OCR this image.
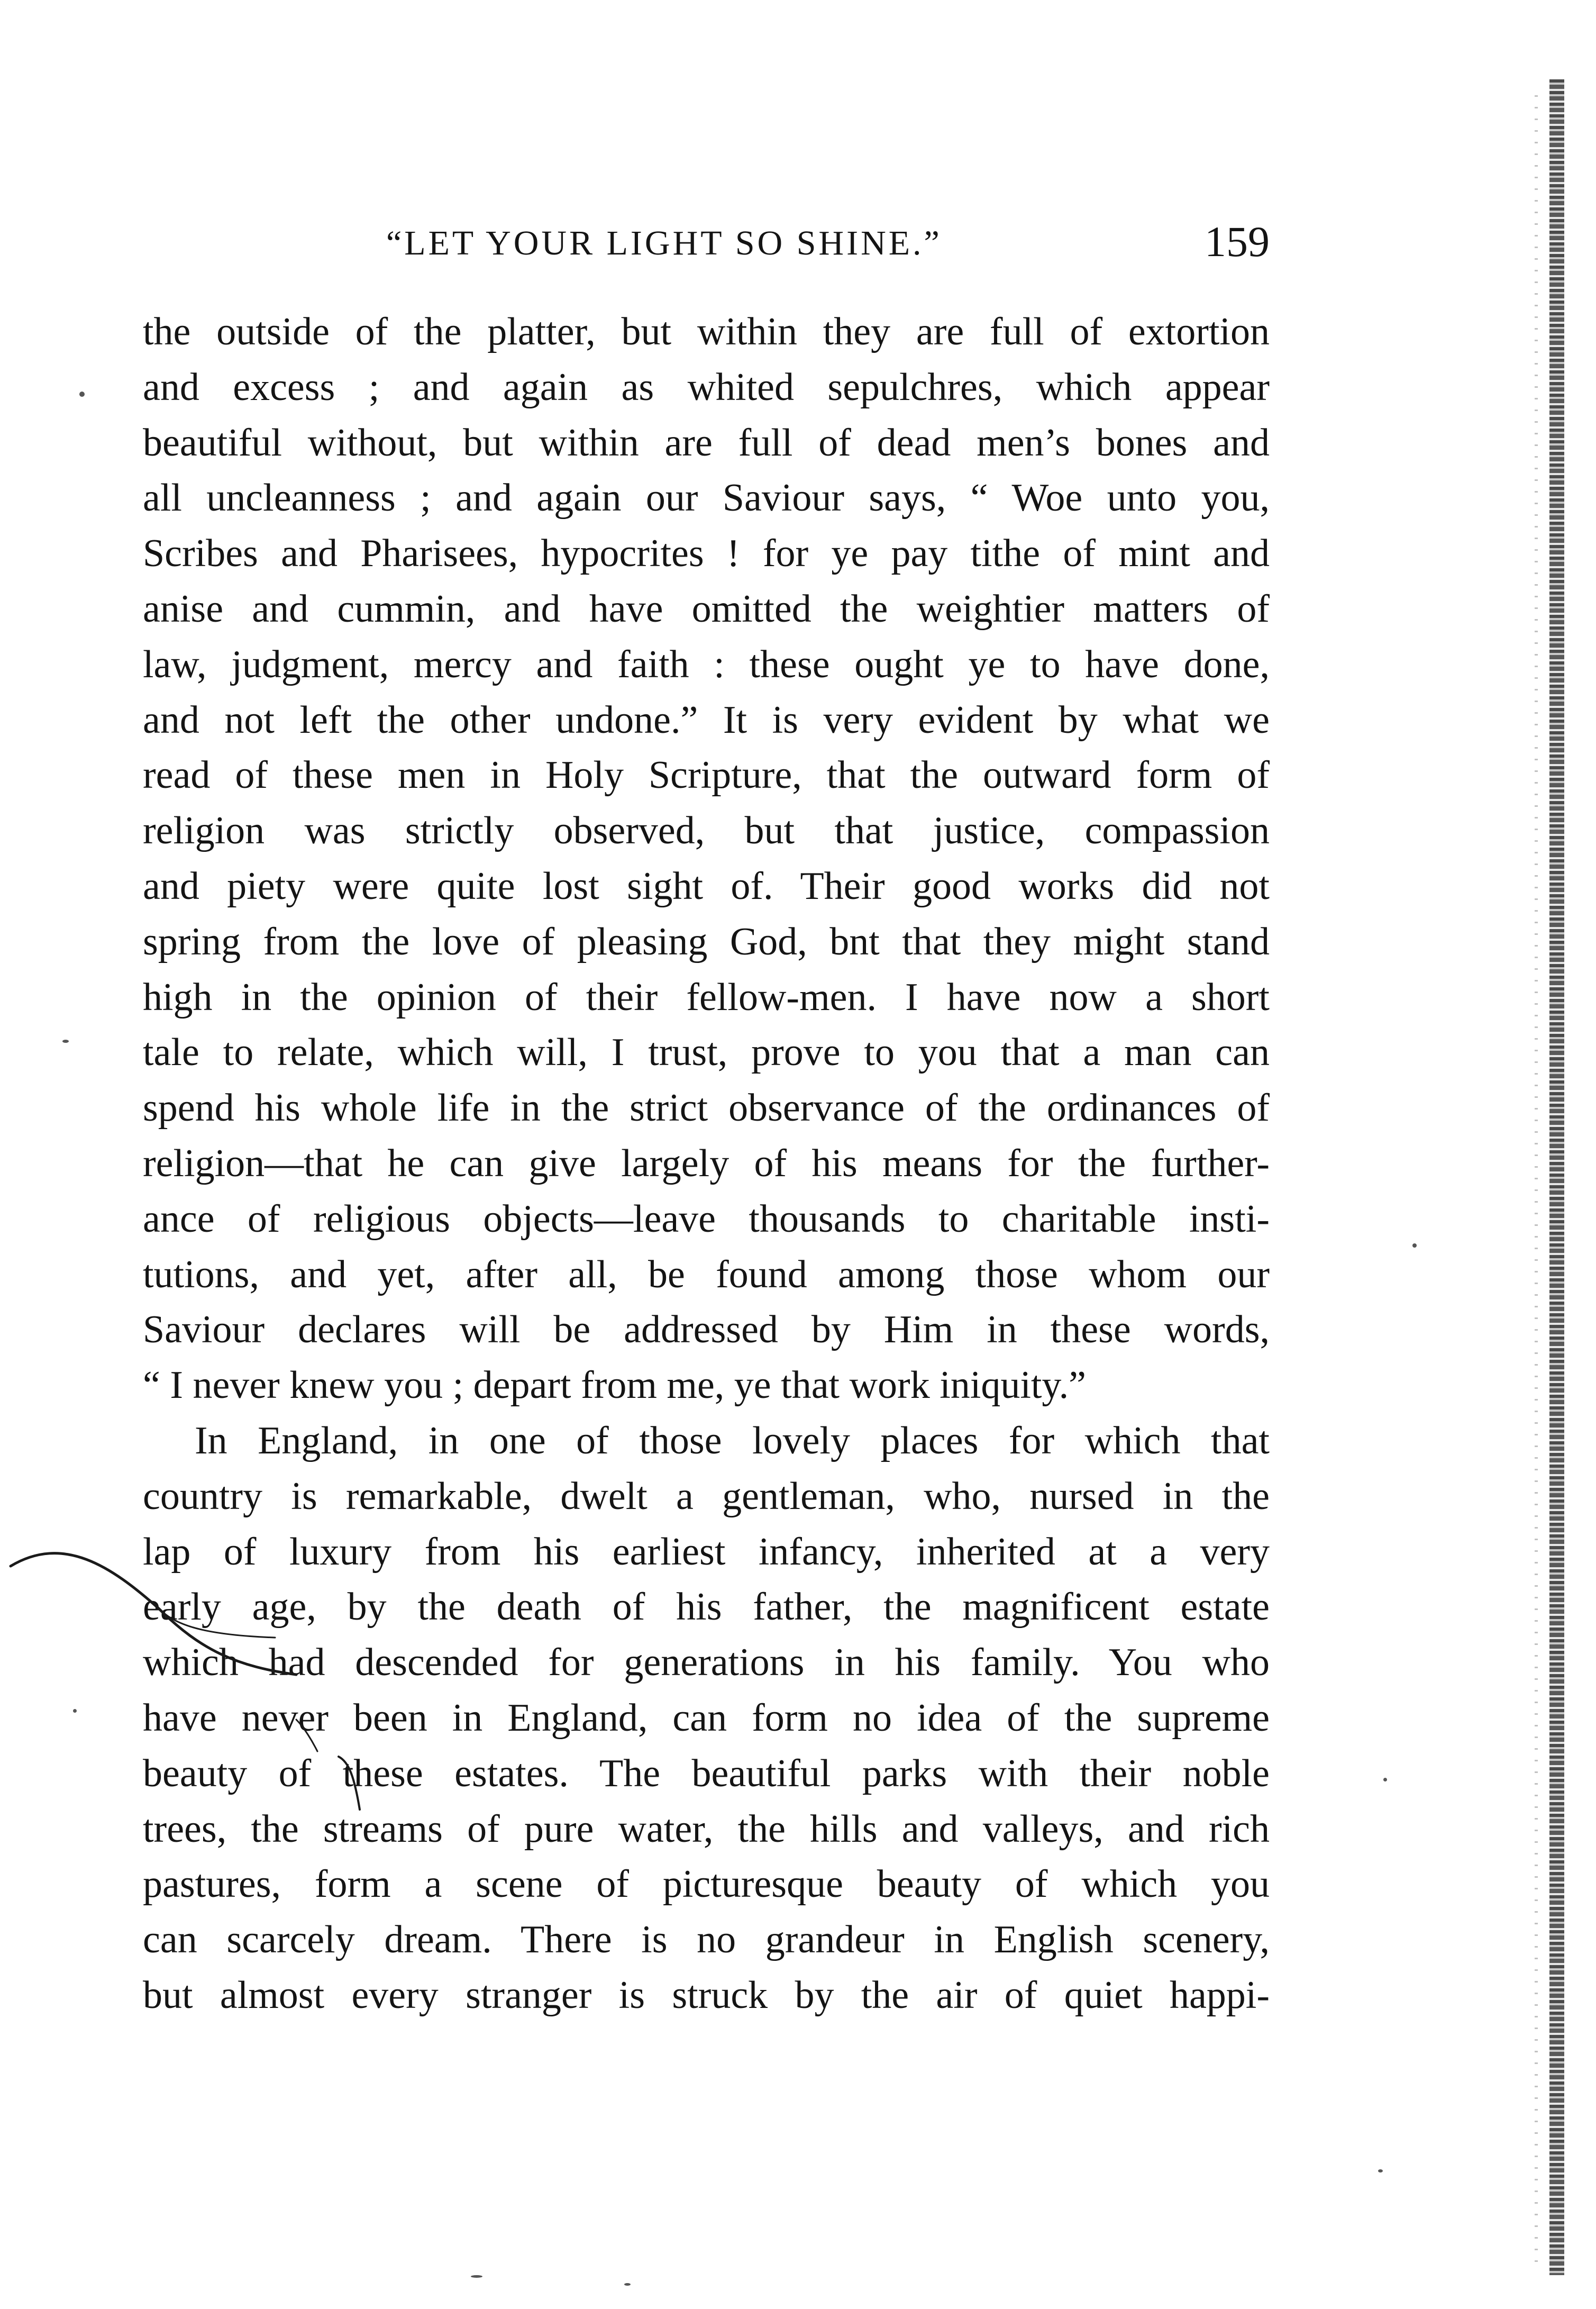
“LET YOUR LIGHT SO SHINE.”	159
the outside of the platter, but within they are full of extortion
and excess ; and again as whited sepulchres, which appear
beautiful without, but within are full of dead men’s bones and
all uncleanness ; and again our Saviour says, “ Woe unto you,
Scribes and Pharisees, hypocrites ! for ye pay tithe of mint and
anise and cummin, and have omitted the weightier matters of
law, judgment, mercy and faith : these ought ye to have done,
and not left the other undone.” It is very evident by what we
read of these men in Holy Scripture, that the outward form of
religion was strictly observed, but that justice, compassion
and piety were quite lost sight of. Their good works did not
spring from the love of pleasing God, bnt that they might stand
high in the opinion of their fellow-men. I have now a short
tale to relate, which will, I trust, prove to you that a man can
spend his whole life in the strict observance of the ordinances of
religion—that he can give largely of his means for the further-
ance of religious objects—leave thousands to charitable insti-
tutions, and yet, after all, be found among those whom our
Saviour declares will be addressed by Him in these words,
“ I never knew you ; depart from me, ye that work iniquity.”
In England, in one of those lovely places for which that
country is remarkable, dwelt a gentleman, who, nursed in the
lap of luxury from his earliest infancy, inherited at a very
early age, by the death of his father, the magnificent estate
which had descended for generations in his family. You who
have never been in England, can form no idea of the supreme
beauty of these estates. The beautiful parks with their noble
trees, the streams of pure water, the hills and valleys, and rich
pastures, form a scene of picturesque beauty of which you
can scarcely dream. There is no grandeur in English scenery,
but almost every stranger is struck by the air of quiet happi-
